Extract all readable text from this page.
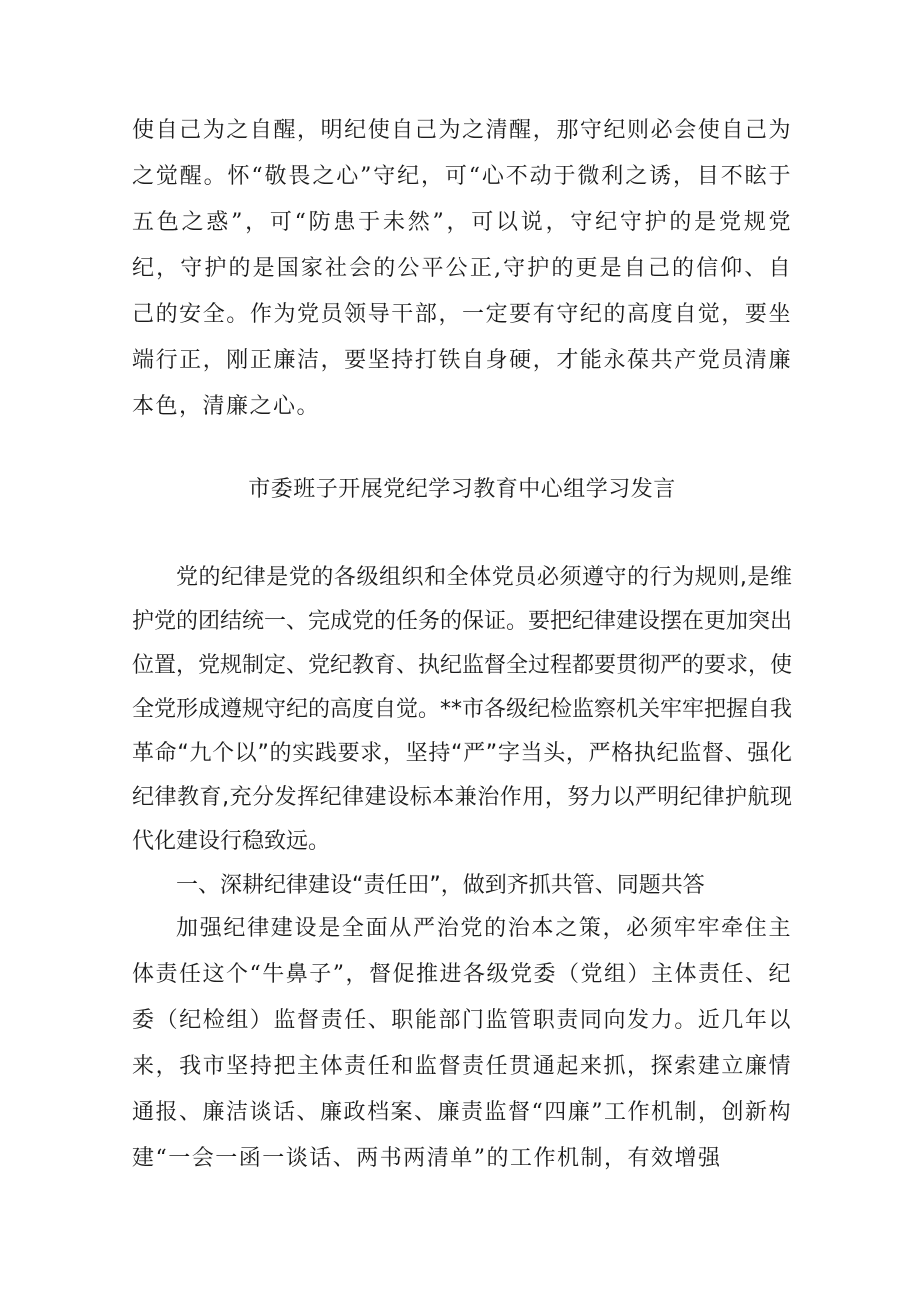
使自己为之自醒，明纪使自己为之清醒，那守纪则必会使自己为之觉醒。怀“敬畏之心”守纪，可“心不动于微利之诱，目不眩于五色之惑”，可“防患于未然”，可以说，守纪守护的是党规党纪，守护的是国家社会的公平公正,守护的更是自己的信仰、自己的安全。作为党员领导干部，一定要有守纪的高度自觉，要坐端行正，刚正廉洁，要坚持打铁自身硬，才能永葆共产党员清廉本色，清廉之心。

市委班子开展党纪学习教育中心组学习发言

党的纪律是党的各级组织和全体党员必须遵守的行为规则,是维护党的团结统一、完成党的任务的保证。要把纪律建设摆在更加突出位置，党规制定、党纪教育、执纪监督全过程都要贯彻严的要求，使全党形成遵规守纪的高度自觉。**市各级纪检监察机关牢牢把握自我革命“九个以”的实践要求，坚持“严”字当头，严格执纪监督、强化纪律教育,充分发挥纪律建设标本兼治作用，努力以严明纪律护航现代化建设行稳致远。

一、深耕纪律建设“责任田”，做到齐抓共管、同题共答

加强纪律建设是全面从严治党的治本之策，必须牢牢牵住主体责任这个“牛鼻子”，督促推进各级党委（党组）主体责任、纪委（纪检组）监督责任、职能部门监管职责同向发力。近几年以来，我市坚持把主体责任和监督责任贯通起来抓，探索建立廉情通报、廉洁谈话、廉政档案、廉责监督“四廉”工作机制，创新构建“一会一函一谈话、两书两清单”的工作机制，有效增强
